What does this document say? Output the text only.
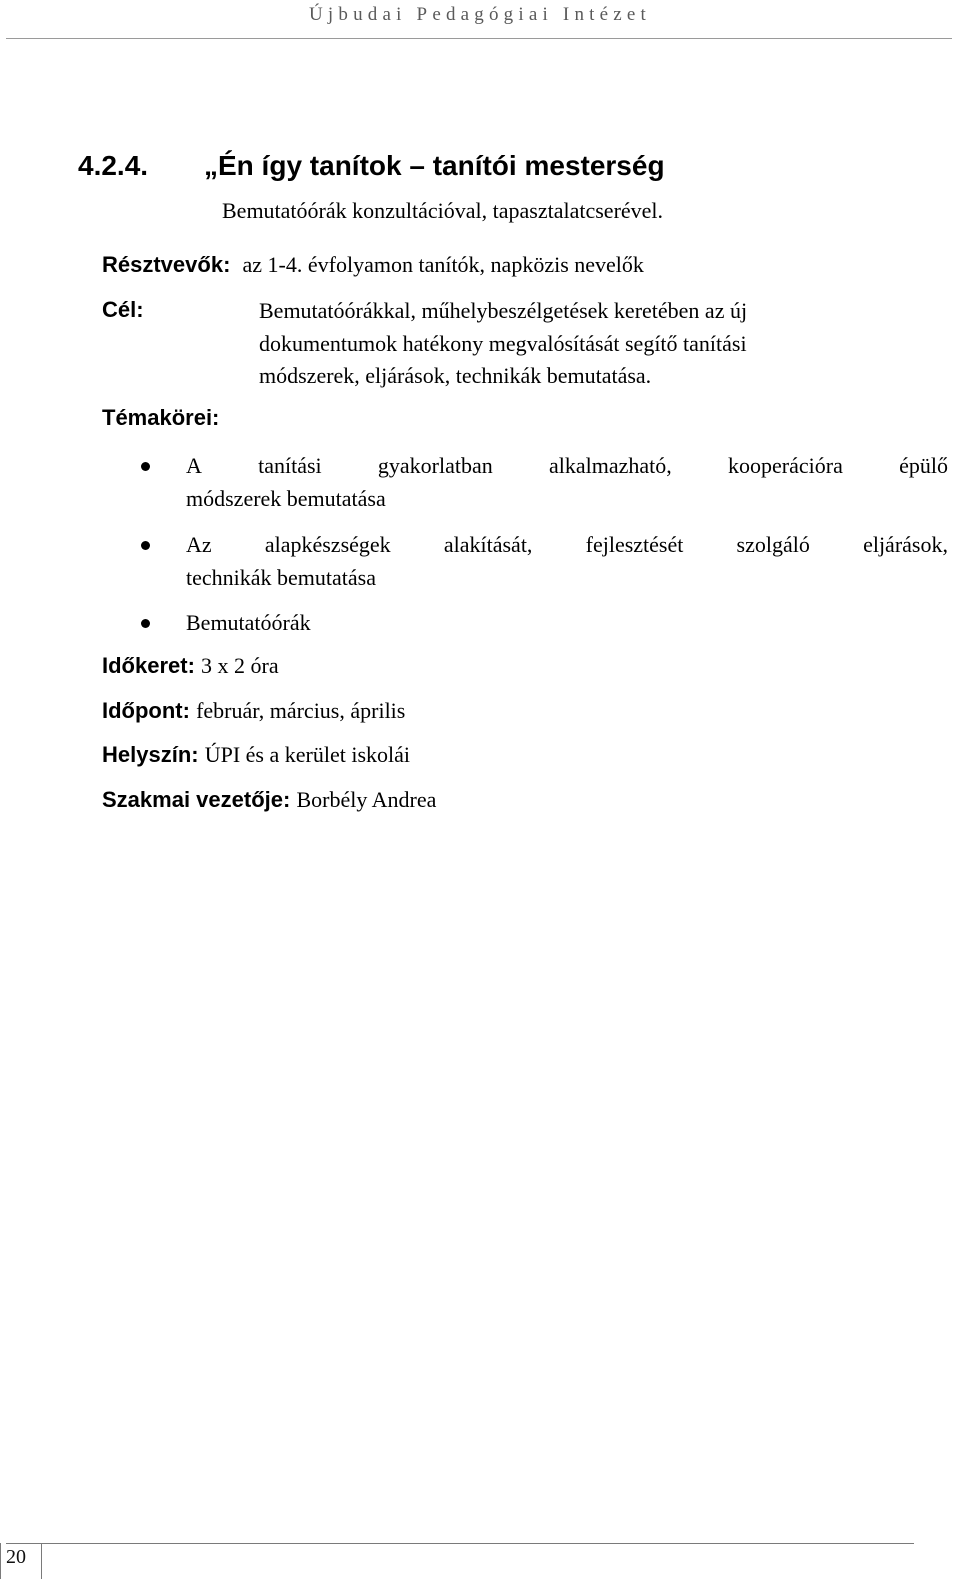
Újbudai Pedagógiai Intézet
4.2.4. „Én így tanítok – tanítói mesterség
Bemutatóórák konzultációval, tapasztalatcserével.
Résztvevők: az 1-4. évfolyamon tanítók, napközis nevelők
Cél:	Bemutatóórákkal, műhelybeszélgetések keretében az új
dokumentumok hatékony megvalósítását segítő tanítási
módszerek, eljárások, technikák bemutatása.
Témakörei:
A	tanítási	gyakorlatban	alkalmazható,	kooperációra	épülő
módszerek bemutatása
Az alapkészségek alakítását, fejlesztését szolgáló eljárások,
technikák bemutatása
Bemutatóórák
Időkeret: 3 x 2 óra
Időpont: február, március, április
Helyszín: ÚPI és a kerület iskolái
Szakmai vezetője: Borbély Andrea
20
